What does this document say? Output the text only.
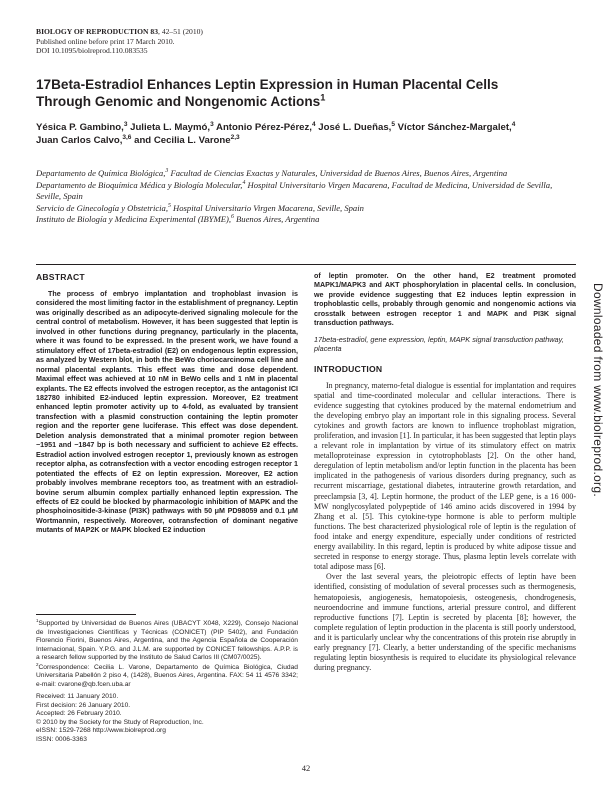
BIOLOGY OF REPRODUCTION 83, 42–51 (2010)
Published online before print 17 March 2010.
DOI 10.1095/biolreprod.110.083535
17Beta-Estradiol Enhances Leptin Expression in Human Placental Cells Through Genomic and Nongenomic Actions$^1$
Yésica P. Gambino,$^3$ Julieta L. Maymó,$^3$ Antonio Pérez-Pérez,$^4$ José L. Dueñas,$^5$ Víctor Sánchez-Margalet,$^4$
Juan Carlos Calvo,$^{3,6}$ and Cecilia L. Varone$^{2,3}$
Departamento de Química Biológica,$^3$ Facultad de Ciencias Exactas y Naturales, Universidad de Buenos Aires, Buenos Aires, Argentina
Departamento de Bioquímica Médica y Biología Molecular,$^4$ Hospital Universitario Virgen Macarena, Facultad de Medicina, Universidad de Sevilla, Seville, Spain
Servicio de Ginecología y Obstetricia,$^5$ Hospital Universitario Virgen Macarena, Seville, Spain
Instituto de Biología y Medicina Experimental (IBYME),$^6$ Buenos Aires, Argentina
ABSTRACT
The process of embryo implantation and trophoblast invasion is considered the most limiting factor in the establishment of pregnancy. Leptin was originally described as an adipocyte-derived signaling molecule for the central control of metabolism. However, it has been suggested that leptin is involved in other functions during pregnancy, particularly in the placenta, where it was found to be expressed. In the present work, we have found a stimulatory effect of 17beta-estradiol (E2) on endogenous leptin expression, as analyzed by Western blot, in both the BeWo choriocarcinoma cell line and normal placental explants. This effect was time and dose dependent. Maximal effect was achieved at 10 nM in BeWo cells and 1 nM in placental explants. The E2 effects involved the estrogen receptor, as the antagonist ICI 182780 inhibited E2-induced leptin expression. Moreover, E2 treatment enhanced leptin promoter activity up to 4-fold, as evaluated by transient transfection with a plasmid construction containing the leptin promoter region and the reporter gene luciferase. This effect was dose dependent. Deletion analysis demonstrated that a minimal promoter region between −1951 and −1847 bp is both necessary and sufficient to achieve E2 effects. Estradiol action involved estrogen receptor 1, previously known as estrogen receptor alpha, as cotransfection with a vector encoding estrogen receptor 1 potentiated the effects of E2 on leptin expression. Moreover, E2 action probably involves membrane receptors too, as treatment with an estradiol-bovine serum albumin complex partially enhanced leptin expression. The effects of E2 could be blocked by pharmacologic inhibition of MAPK and the phosphoinositide-3-kinase (PI3K) pathways with 50 μM PD98059 and 0.1 μM Wortmannin, respectively. Moreover, cotransfection of dominant negative mutants of MAP2K or MAPK blocked E2 induction

$^1$Supported by Universidad de Buenos Aires (UBACYT X048, X229), Consejo Nacional de Investigaciones Científicas y Técnicas (CONICET) (PIP 5402), and Fundación Florencio Fiorini, Buenos Aires, Argentina, and the Agencia Española de Cooperación Internacional, Spain. Y.P.G. and J.L.M. are supported by CONICET fellowships. A.P.P. is a research fellow supported by the Instituto de Salud Carlos III (CM07/0025).

$^2$Correspondence: Cecilia L. Varone, Departamento de Química Biológica, Ciudad Universitaria Pabellón 2 piso 4, (1428), Buenos Aires, Argentina. FAX: 54 11 4576 3342; e-mail: cvarone@qb.fcen.uba.ar

Received: 11 January 2010.
First decision: 26 January 2010.
Accepted: 26 February 2010.
© 2010 by the Society for the Study of Reproduction, Inc.
eISSN: 1529-7268 http://www.biolreprod.org
ISSN: 0006-3363
of leptin promoter. On the other hand, E2 treatment promoted MAPK1/MAPK3 and AKT phosphorylation in placental cells. In conclusion, we provide evidence suggesting that E2 induces leptin expression in trophoblastic cells, probably through genomic and nongenomic actions via crosstalk between estrogen receptor 1 and MAPK and PI3K signal transduction pathways.
17beta-estradiol, gene expression, leptin, MAPK signal transduction pathway, placenta
INTRODUCTION

In pregnancy, materno-fetal dialogue is essential for implantation and requires spatial and time-coordinated molecular and cellular interactions. There is evidence suggesting that cytokines produced by the maternal endometrium and the developing embryo play an important role in this signaling process. Several cytokines and growth factors are known to influence trophoblast migration, proliferation, and invasion [1]. In particular, it has been suggested that leptin plays a relevant role in implantation by virtue of its stimulatory effect on matrix metalloproteinase expression in cytotrophoblasts [2]. On the other hand, deregulation of leptin metabolism and/or leptin function in the placenta has been implicated in the pathogenesis of various disorders during pregnancy, such as recurrent miscarriage, gestational diabetes, intrauterine growth retardation, and preeclampsia [3, 4]. Leptin hormone, the product of the LEP gene, is a 16 000-MW nonglycosylated polypeptide of 146 amino acids discovered in 1994 by Zhang et al. [5]. This cytokine-type hormone is able to perform multiple functions. The best characterized physiological role of leptin is the regulation of food intake and energy expenditure, especially under conditions of restricted energy availability. In this regard, leptin is produced by white adipose tissue and secreted in response to energy storage. Thus, plasma leptin levels correlate with total adipose mass [6].

Over the last several years, the pleiotropic effects of leptin have been identified, consisting of modulation of several processes such as thermogenesis, hematopoiesis, angiogenesis, hematopoiesis, osteogenesis, chondrogenesis, neuroendocrine and immune functions, arterial pressure control, and different reproductive functions [7]. Leptin is secreted by placenta [8]; however, the complete regulation of leptin production in the placenta is still poorly understood, and it is particularly unclear why the concentrations of this protein rise abruptly in early pregnancy [7]. Clearly, a better understanding of the specific mechanisms regulating leptin biosynthesis is required to elucidate its physiological relevance during pregnancy.

42
Downloaded from www.biolreprod.org.
